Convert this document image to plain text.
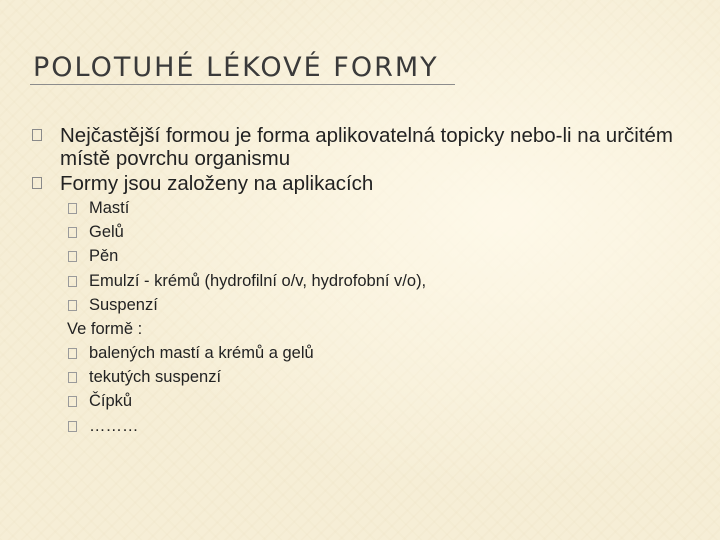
POLOTUHÉ LÉKOVÉ FORMY
Nejčastější formou je forma aplikovatelná topicky nebo-li na určitém místě povrchu organismu
Formy jsou založeny na aplikacích
Mastí
Gelů
Pěn
Emulzí - krémů (hydrofilní o/v, hydrofobní v/o),
Suspenzí
Ve formě :
balených mastí a krémů a gelů
tekutých suspenzí
Čípků
………
